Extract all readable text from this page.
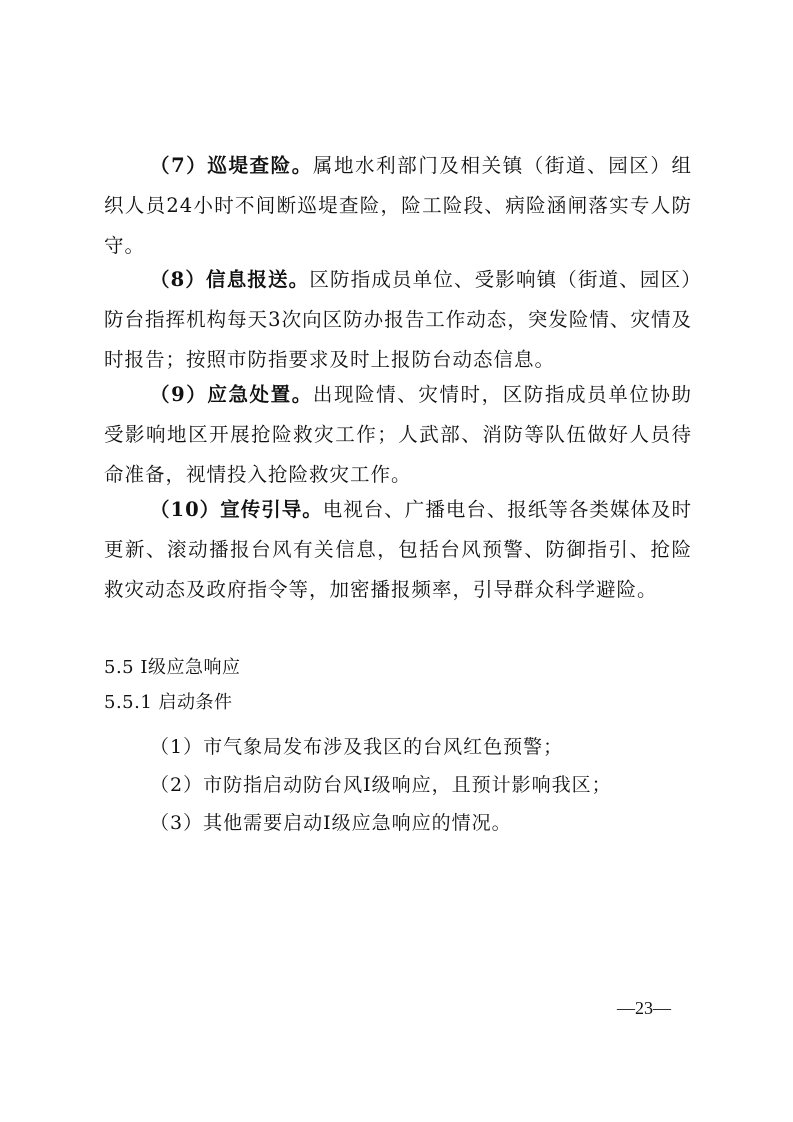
（7）巡堤查险。属地水利部门及相关镇（街道、园区）组织人员24小时不间断巡堤查险，险工险段、病险涵闸落实专人防守。

（8）信息报送。区防指成员单位、受影响镇（街道、园区）防台指挥机构每天3次向区防办报告工作动态，突发险情、灾情及时报告；按照市防指要求及时上报防台动态信息。

（9）应急处置。出现险情、灾情时，区防指成员单位协助受影响地区开展抢险救灾工作；人武部、消防等队伍做好人员待命准备，视情投入抢险救灾工作。

（10）宣传引导。电视台、广播电台、报纸等各类媒体及时更新、滚动播报台风有关信息，包括台风预警、防御指引、抢险救灾动态及政府指令等，加密播报频率，引导群众科学避险。

5.5 I级应急响应
5.5.1 启动条件
（1）市气象局发布涉及我区的台风红色预警；
（2）市防指启动防台风I级响应，且预计影响我区；
（3）其他需要启动I级应急响应的情况。
—23—
